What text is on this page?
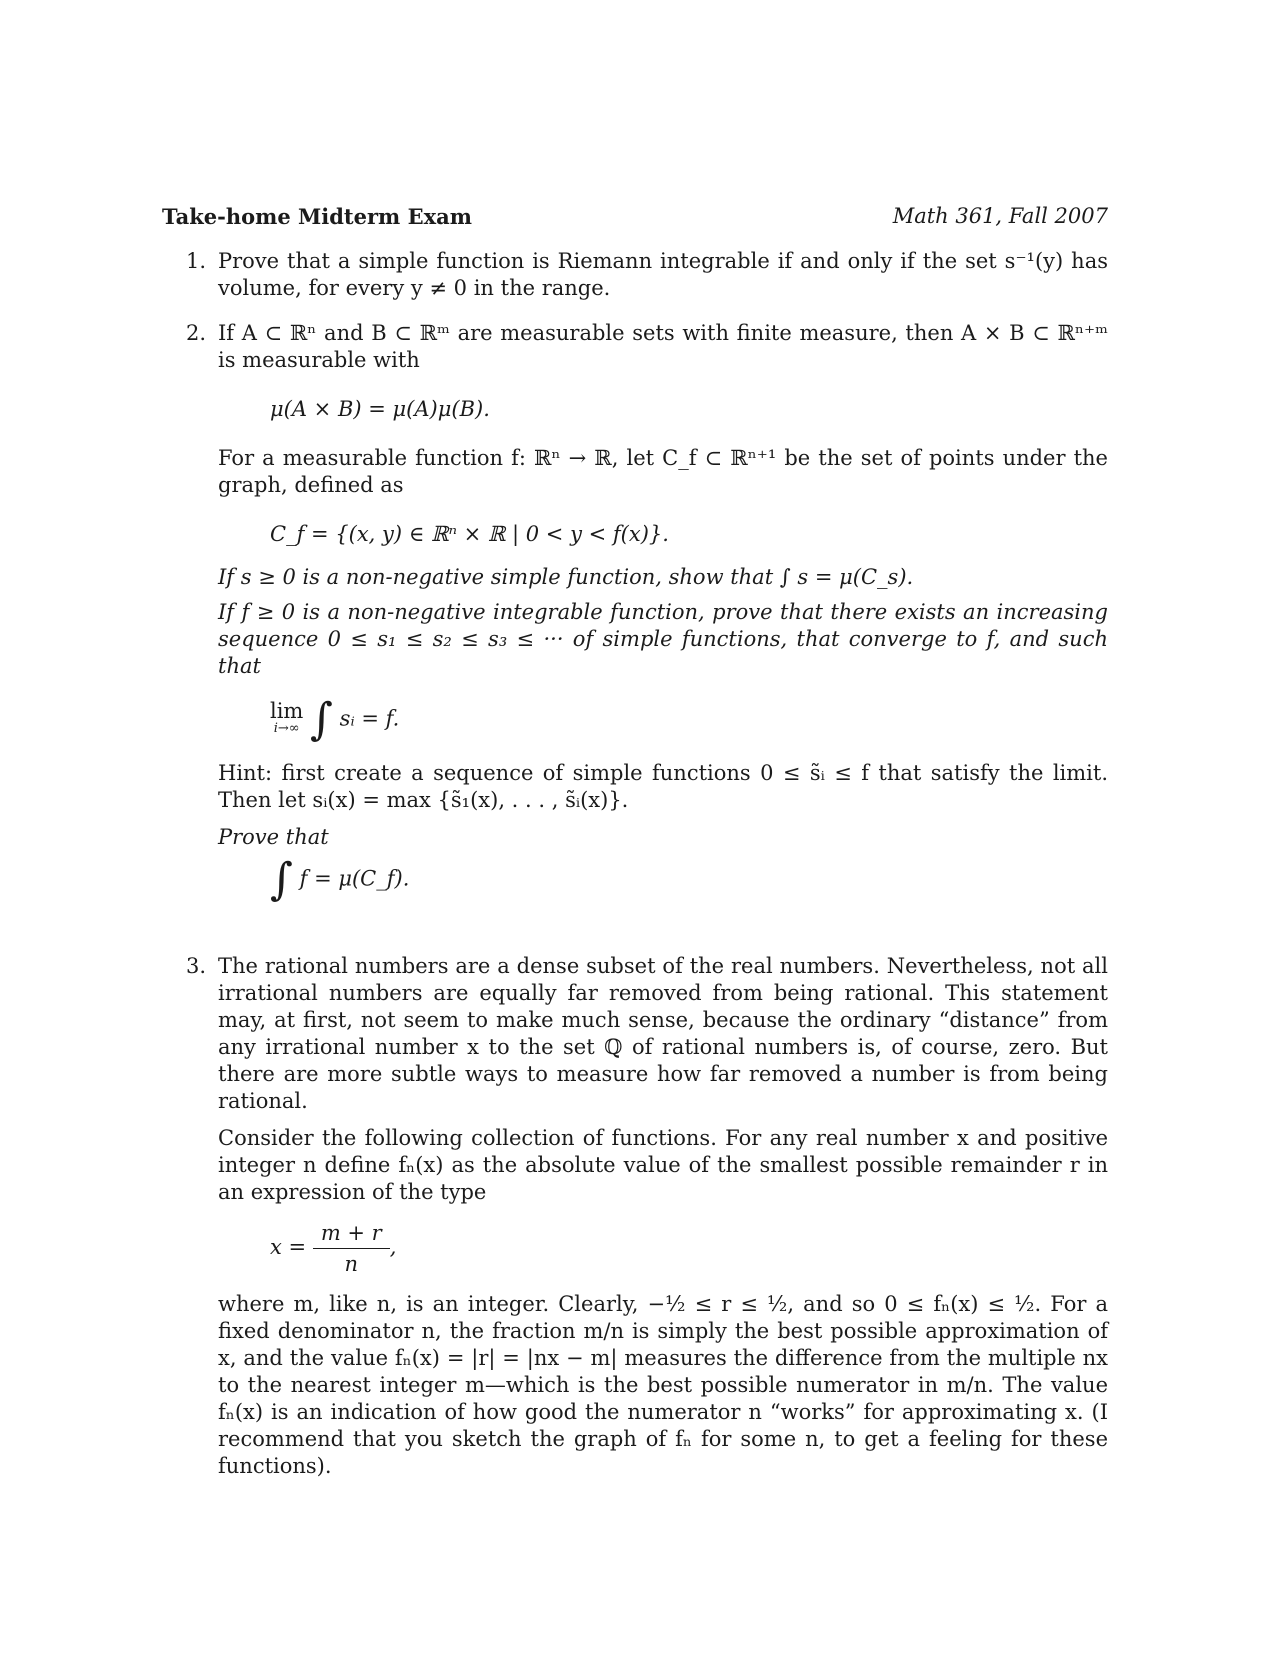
Take-home Midterm Exam	Math 361, Fall 2007
1. Prove that a simple function is Riemann integrable if and only if the set s⁻¹(y) has volume, for every y ≠ 0 in the range.

2. If A ⊂ ℝⁿ and B ⊂ ℝᵐ are measurable sets with finite measure, then A × B ⊂ ℝⁿ⁺ᵐ is measurable with

μ(A × B) = μ(A)μ(B).

For a measurable function f: ℝⁿ → ℝ, let C_f ⊂ ℝⁿ⁺¹ be the set of points under the graph, defined as

C_f = {(x, y) ∈ ℝⁿ × ℝ | 0 < y < f(x)}.

If s ≥ 0 is a non-negative simple function, show that ∫ s = μ(C_s).

If f ≥ 0 is a non-negative integrable function, prove that there exists an increasing sequence 0 ≤ s₁ ≤ s₂ ≤ s₃ ≤ ··· of simple functions, that converge to f, and such that

lim
i→∞ ∫ sᵢ = f.

Hint: first create a sequence of simple functions 0 ≤ s̃ᵢ ≤ f that satisfy the limit. Then let sᵢ(x) = max {s̃₁(x), . . . , s̃ᵢ(x)}.

Prove that

∫ f = μ(C_f).
3. The rational numbers are a dense subset of the real numbers. Nevertheless, not all irrational numbers are equally far removed from being rational. This statement may, at first, not seem to make much sense, because the ordinary “distance” from any irrational number x to the set ℚ of rational numbers is, of course, zero. But there are more subtle ways to measure how far removed a number is from being rational.

Consider the following collection of functions. For any real number x and positive integer n define fₙ(x) as the absolute value of the smallest possible remainder r in an expression of the type

$x = \frac{m + r}{n}$ ,

where m, like n, is an integer. Clearly, −½ ≤ r ≤ ½, and so 0 ≤ fₙ(x) ≤ ½. For a fixed denominator n, the fraction m/n is simply the best possible approximation of x, and the value fₙ(x) = |r| = |nx − m| measures the difference from the multiple nx to the nearest integer m—which is the best possible numerator in m/n. The value fₙ(x) is an indication of how good the numerator n “works” for approximating x. (I recommend that you sketch the graph of fₙ for some n, to get a feeling for these functions).
